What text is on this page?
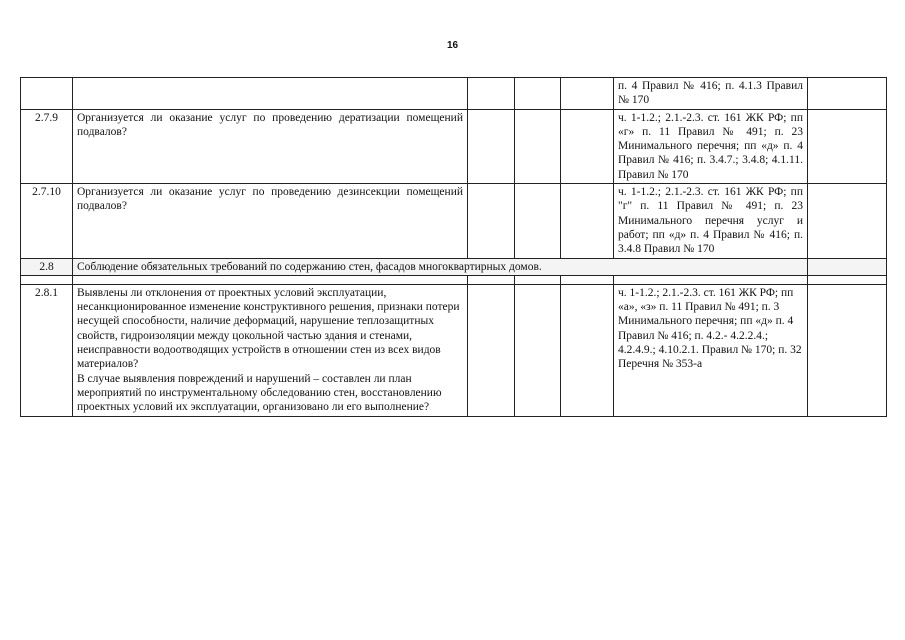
16
					п. 4 Правил № 416; п. 4.1.3 Правил № 170	
2.7.9	Организуется ли оказание услуг по проведению дератизации помещений подвалов?				ч. 1-1.2.; 2.1.-2.3. ст. 161 ЖК РФ; пп «г» п. 11 Правил № 491; п. 23 Минимального перечня; пп «д» п. 4 Правил № 416; п. 3.4.7.; 3.4.8; 4.1.11. Правил № 170	
2.7.10	Организуется ли оказание услуг по проведению дезинсекции помещений подвалов?				ч. 1-1.2.; 2.1.-2.3. ст. 161 ЖК РФ; пп "г" п. 11 Правил № 491; п. 23 Минимального перечня услуг и работ; пп «д» п. 4 Правил № 416; п. 3.4.8 Правил № 170	
2.8	Соблюдение обязательных требований по содержанию стен, фасадов многоквартирных домов.					

2.8.1	Выявлены ли отклонения от проектных условий эксплуатации, несанкционированное изменение конструктивного решения, признаки потери несущей способности, наличие деформаций, нарушение теплозащитных свойств, гидроизоляции между цокольной частью здания и стенами, неисправности водоотводящих устройств в отношении стен из всех видов материалов?
В случае выявления повреждений и нарушений – составлен ли план мероприятий по инструментальному обследованию стен, восстановлению проектных условий их эксплуатации, организовано ли его выполнение?				ч. 1-1.2.; 2.1.-2.3. ст. 161 ЖК РФ; пп «а», «з» п. 11 Правил № 491; п. 3 Минимального перечня; пп «д» п. 4 Правил № 416; п. 4.2.- 4.2.2.4.; 4.2.4.9.; 4.10.2.1. Правил № 170; п. 32 Перечня № 353-а	
